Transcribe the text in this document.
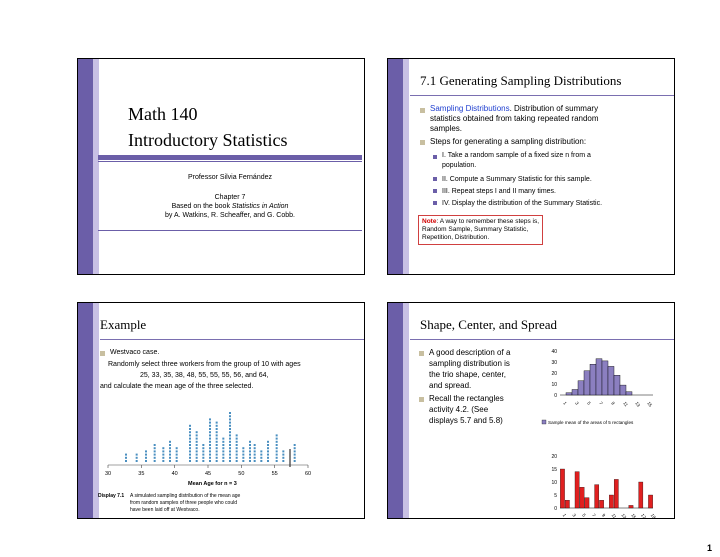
Math 140
Introductory Statistics
Professor Silvia Fernández
Chapter 7
Based on the book Statistics in Action
by A. Watkins, R. Scheaffer, and G. Cobb.
7.1 Generating Sampling Distributions
Sampling Distributions. Distribution of summary
statistics obtained from taking repeated random
samples.
Steps for generating a sampling distribution:
I. Take a random sample of a fixed size n from a
population.
II. Compute a Summary Statistic for this sample.
III. Repeat steps I and II many times.
IV. Display the distribution of the Summary Statistic.
Note: A way to remember these steps is,
Random Sample, Summary Statistic,
Repetition, Distribution.
Example
Westvaco case.
Randomly select three workers from the group of 10 with ages
25, 33, 35, 38, 48, 55, 55, 55, 56, and 64,
and calculate the mean age of the three selected.
30	35	40	45	50	55	60
Mean Age for n = 3
Display 7.1 A simulated sampling distribution of the mean age
from random samples of three people who could
have been laid off at Westvaco.
Shape, Center, and Spread
A good description of a
sampling distribution is
the trio shape, center,
and spread.
Recall the rectangles
activity 4.2. (See
displays 5.7 and 5.8)
0
10
20
30
40
1 3 5 7 9 11 13 15
Sample mean of the areas of 5 rectangles
0
5
10
15
20
1 3 5 7 9 11 13 15 17 19
Population of Rectangle Areas
1
